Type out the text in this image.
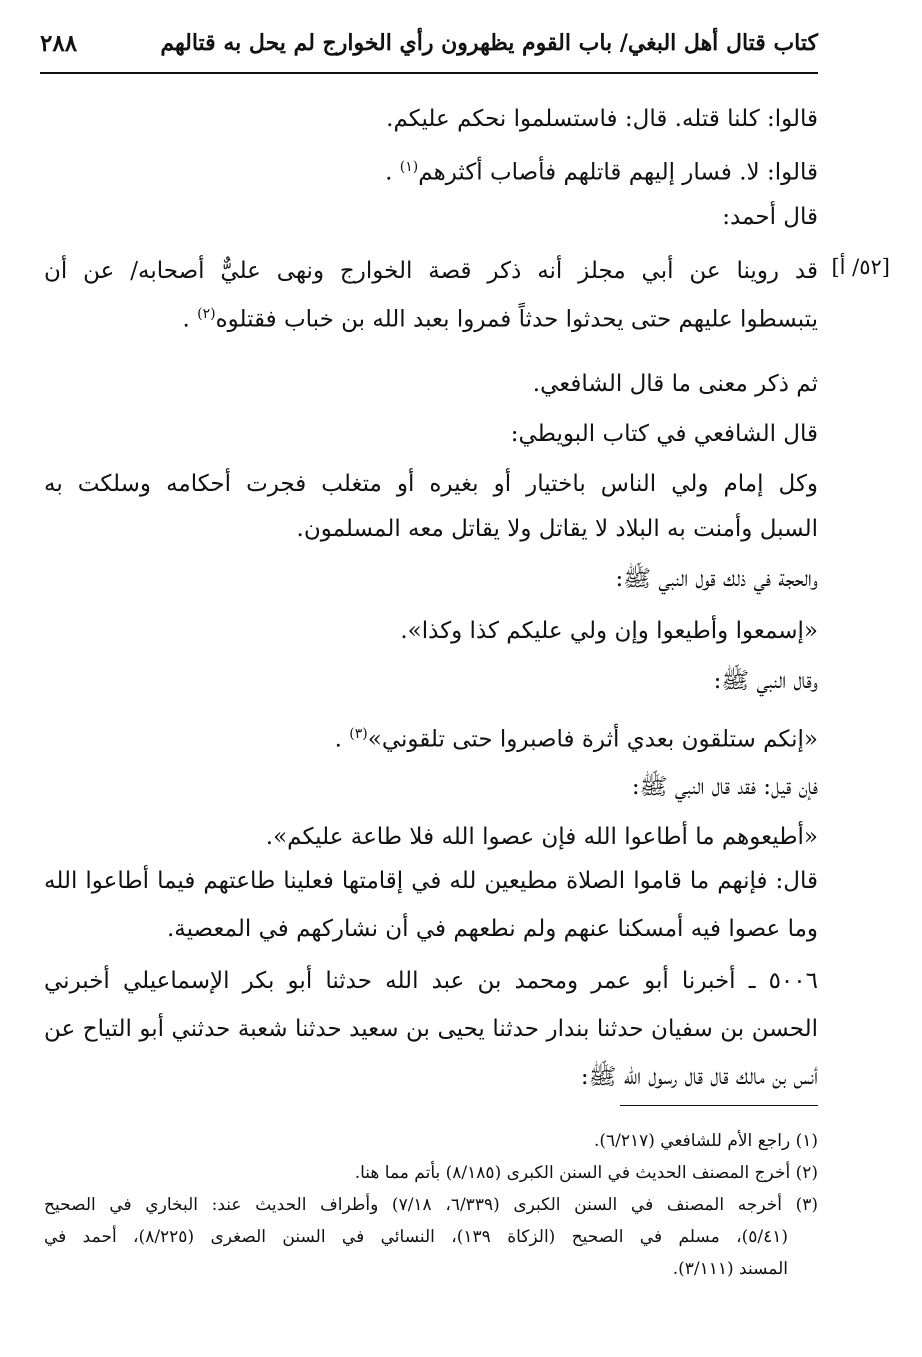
كتاب قتال أهل البغي/ باب القوم يظهرون رأي الخوارج لم يحل به قتالهم
٢٨٨
[٥٢/ أ]
قالوا: كلنا قتله. قال: فاستسلموا نحكم عليكم.
قالوا: لا. فسار إليهم قاتلهم فأصاب أكثرهم$^{(١)}$ .
قال أحمد:
قد روينا عن أبي مجلز أنه ذكر قصة الخوارج ونهى عليٌّ أصحابه/ عن أن
يتبسطوا عليهم حتى يحدثوا حدثاً فمروا بعبد الله بن خباب فقتلوه$^{(٢)}$ .
ثم ذكر معنى ما قال الشافعي.
قال الشافعي في كتاب البويطي:
وكل إمام ولي الناس باختيار أو بغيره أو متغلب فجرت أحكامه وسلكت به
السبل وأمنت به البلاد لا يقاتل ولا يقاتل معه المسلمون.
والحجة في ذلك قول النبي ﷺ:
«إسمعوا وأطيعوا وإن ولي عليكم كذا وكذا».
وقال النبي ﷺ:
«إنكم ستلقون بعدي أثرة فاصبروا حتى تلقوني»$^{(٣)}$ .
فإن قيل: فقد قال النبي ﷺ:
«أطيعوهم ما أطاعوا الله فإن عصوا الله فلا طاعة عليكم».
قال: فإنهم ما قاموا الصلاة مطيعين لله في إقامتها فعلينا طاعتهم فيما أطاعوا الله
وما عصوا فيه أمسكنا عنهم ولم نطعهم في أن نشاركهم في المعصية.
٥٠٠٦ ـ أخبرنا أبو عمر ومحمد بن عبد الله حدثنا أبو بكر الإسماعيلي أخبرني
الحسن بن سفيان حدثنا بندار حدثنا يحيى بن سعيد حدثنا شعبة حدثني أبو التياح عن
أنس بن مالك قال قال رسول الله ﷺ:
(١) راجع الأم للشافعي (٦/٢١٧).
(٢) أخرج المصنف الحديث في السنن الكبرى (٨/١٨٥) بأتم مما هنا.
(٣) أخرجه المصنف في السنن الكبرى (٦/٣٣٩، ٧/١٨) وأطراف الحديث عند: البخاري في الصحيح
(٥/٤١)، مسلم في الصحيح (الزكاة ١٣٩)، النسائي في السنن الصغرى (٨/٢٢٥)، أحمد في
المسند (٣/١١١).
